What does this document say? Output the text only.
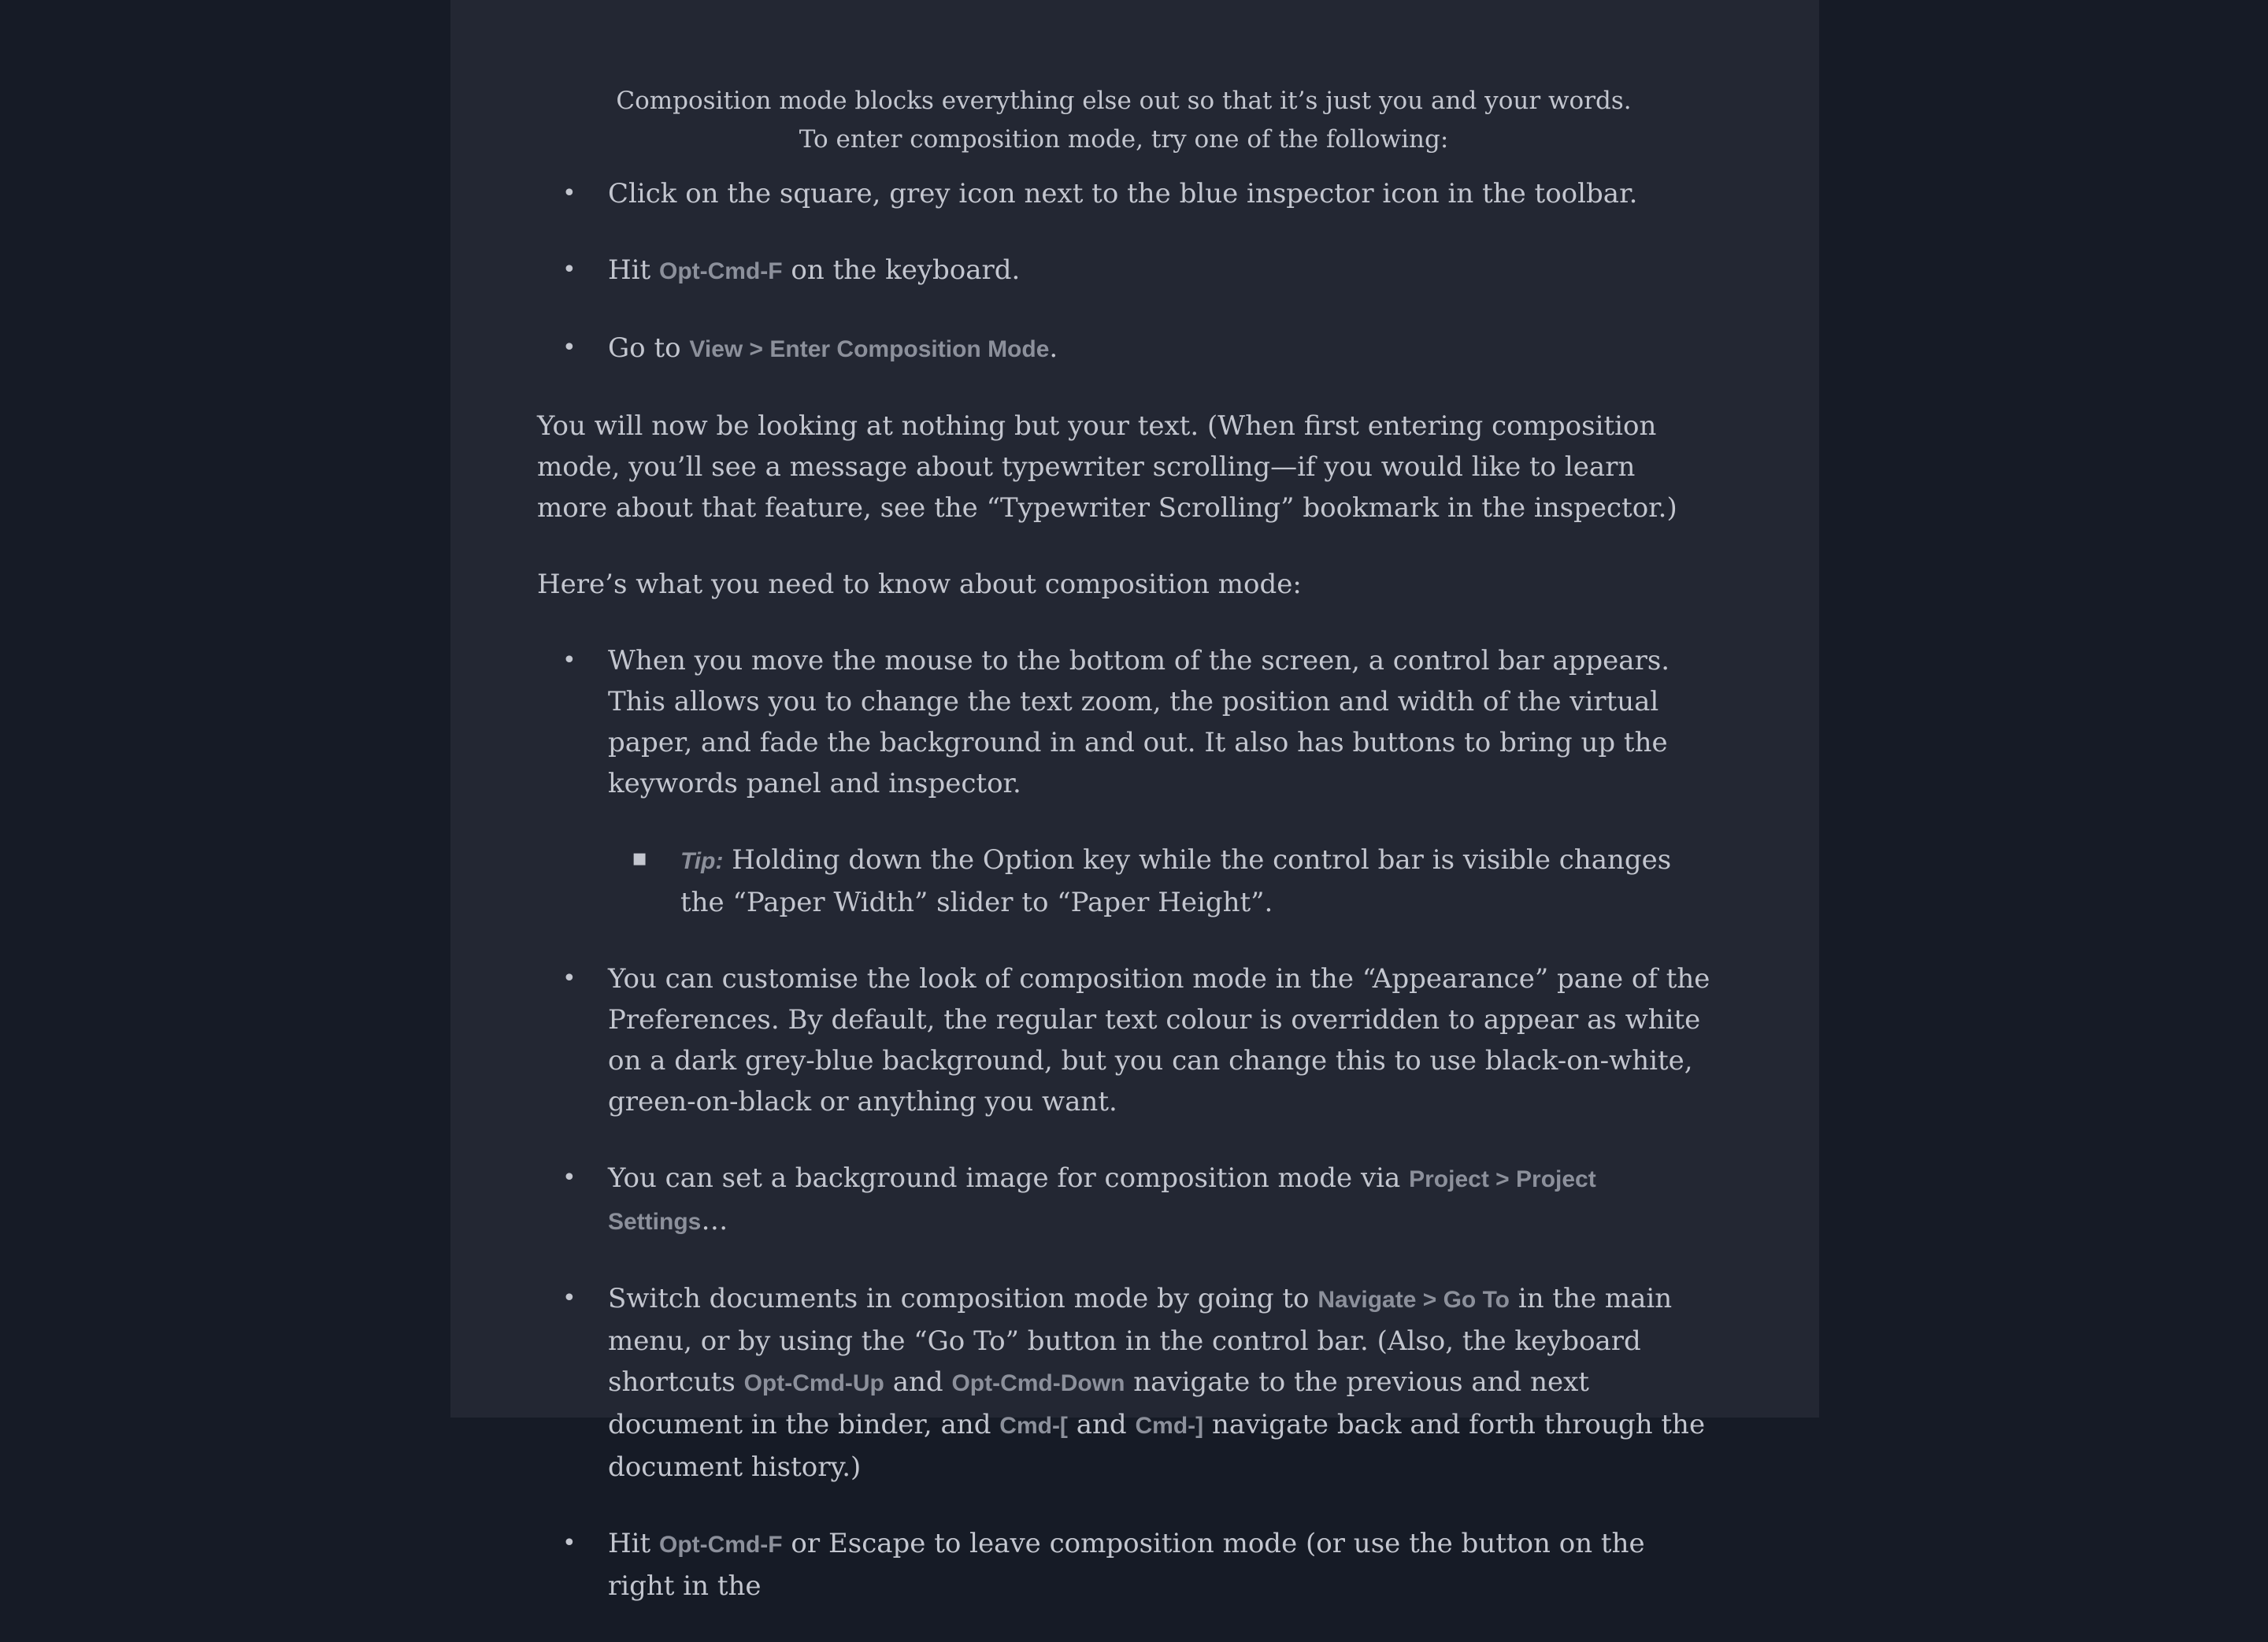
Composition mode blocks everything else out so that it’s just you and your words. To enter composition mode, try one of the following:

• Click on the square, grey icon next to the blue inspector icon in the toolbar.
• Hit Opt-Cmd-F on the keyboard.
• Go to View > Enter Composition Mode.

You will now be looking at nothing but your text. (When first entering composition mode, you’ll see a message about typewriter scrolling—if you would like to learn more about that feature, see the “Typewriter Scrolling” bookmark in the inspector.)

Here’s what you need to know about composition mode:

• When you move the mouse to the bottom of the screen, a control bar appears. This allows you to change the text zoom, the position and width of the virtual paper, and fade the background in and out. It also has buttons to bring up the keywords panel and inspector.
▪ Tip: Holding down the Option key while the control bar is visible changes the “Paper Width” slider to “Paper Height”.
• You can customise the look of composition mode in the “Appearance” pane of the Preferences. By default, the regular text colour is overridden to appear as white on a dark grey-blue background, but you can change this to use black-on-white, green-on-black or anything you want.
• You can set a background image for composition mode via Project > Project Settings…
• Switch documents in composition mode by going to Navigate > Go To in the main menu, or by using the “Go To” button in the control bar. (Also, the keyboard shortcuts Opt-Cmd-Up and Opt-Cmd-Down navigate to the previous and next document in the binder, and Cmd-[ and Cmd-] navigate back and forth through the document history.)
• Hit Opt-Cmd-F or Escape to leave composition mode (or use the button on the right in the
